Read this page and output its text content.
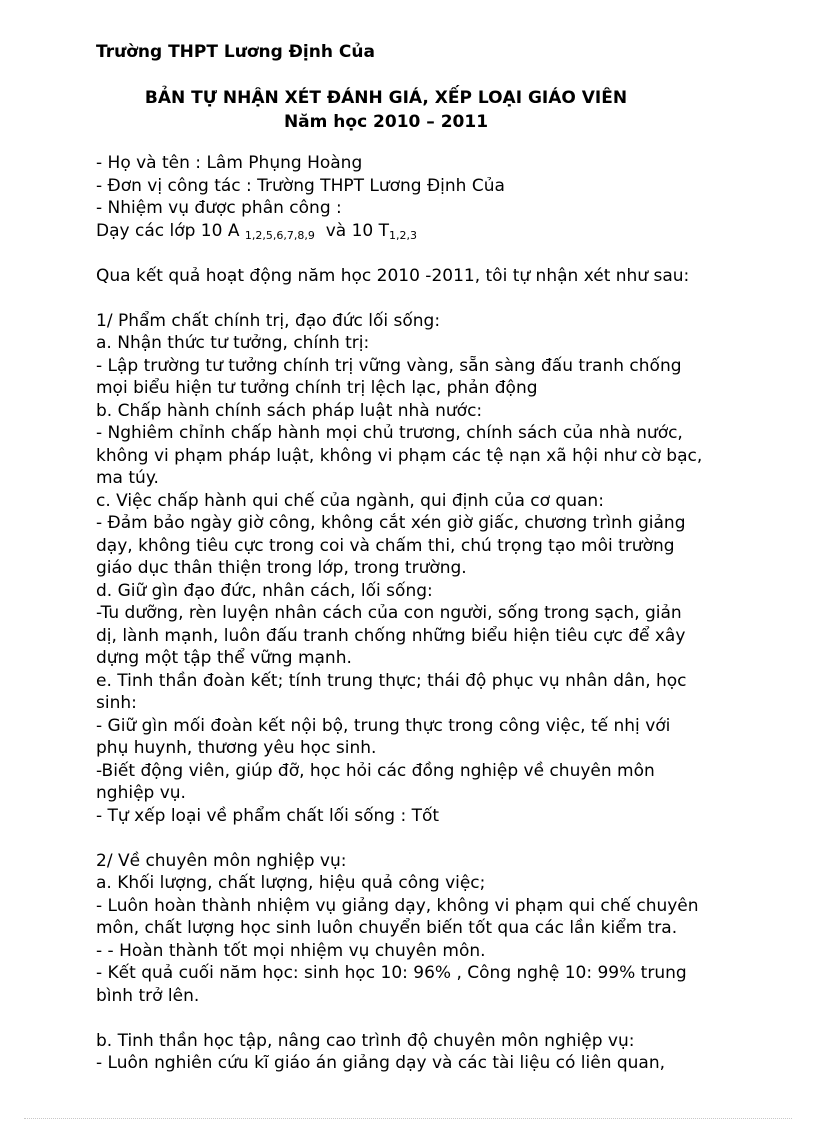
Trường THPT Lương Định Của
BẢN TỰ NHẬN XÉT ĐÁNH GIÁ, XẾP LOẠI GIÁO VIÊN
Năm học 2010 – 2011
- Họ và tên : Lâm Phụng Hoàng
- Đơn vị công tác : Trường THPT Lương Định Của
- Nhiệm vụ được phân công :
Dạy các lớp 10 A $_{1,2,5,6,7,8,9}$ và 10 $T_{1,2,3}$
Qua kết quả hoạt động năm học 2010 -2011, tôi tự nhận xét như sau:
1/ Phẩm chất chính trị, đạo đức lối sống:
a. Nhận thức tư tưởng, chính trị:
- Lập trường tư tưởng chính trị vững vàng, sẵn sàng đấu tranh chống
mọi biểu hiện tư tưởng chính trị lệch lạc, phản động
b. Chấp hành chính sách pháp luật nhà nước:
- Nghiêm chỉnh chấp hành mọi chủ trương, chính sách của nhà nước,
không vi phạm pháp luật, không vi phạm các tệ nạn xã hội như cờ bạc,
ma túy.
c. Việc chấp hành qui chế của ngành, qui định của cơ quan:
- Đảm bảo ngày giờ công, không cắt xén giờ giấc, chương trình giảng
dạy, không tiêu cực trong coi và chấm thi, chú trọng tạo môi trường
giáo dục thân thiện trong lớp, trong trường.
d. Giữ gìn đạo đức, nhân cách, lối sống:
-Tu dưỡng, rèn luyện nhân cách của con người, sống trong sạch, giản
dị, lành mạnh, luôn đấu tranh chống những biểu hiện tiêu cực để xây
dựng một tập thể vững mạnh.
e. Tinh thần đoàn kết; tính trung thực; thái độ phục vụ nhân dân, học
sinh:
- Giữ gìn mối đoàn kết nội bộ, trung thực trong công việc, tế nhị với
phụ huynh, thương yêu học sinh.
-Biết động viên, giúp đỡ, học hỏi các đồng nghiệp về chuyên môn
nghiệp vụ.
- Tự xếp loại về phẩm chất lối sống : Tốt
2/ Về chuyên môn nghiệp vụ:
a. Khối lượng, chất lượng, hiệu quả công việc;
- Luôn hoàn thành nhiệm vụ giảng dạy, không vi phạm qui chế chuyên
môn, chất lượng học sinh luôn chuyển biến tốt qua các lần kiểm tra.
- - Hoàn thành tốt mọi nhiệm vụ chuyên môn.
- Kết quả cuối năm học: sinh học 10: 96% , Công nghệ 10: 99% trung
bình trở lên.
b. Tinh thần học tập, nâng cao trình độ chuyên môn nghiệp vụ:
- Luôn nghiên cứu kĩ giáo án giảng dạy và các tài liệu có liên quan,
